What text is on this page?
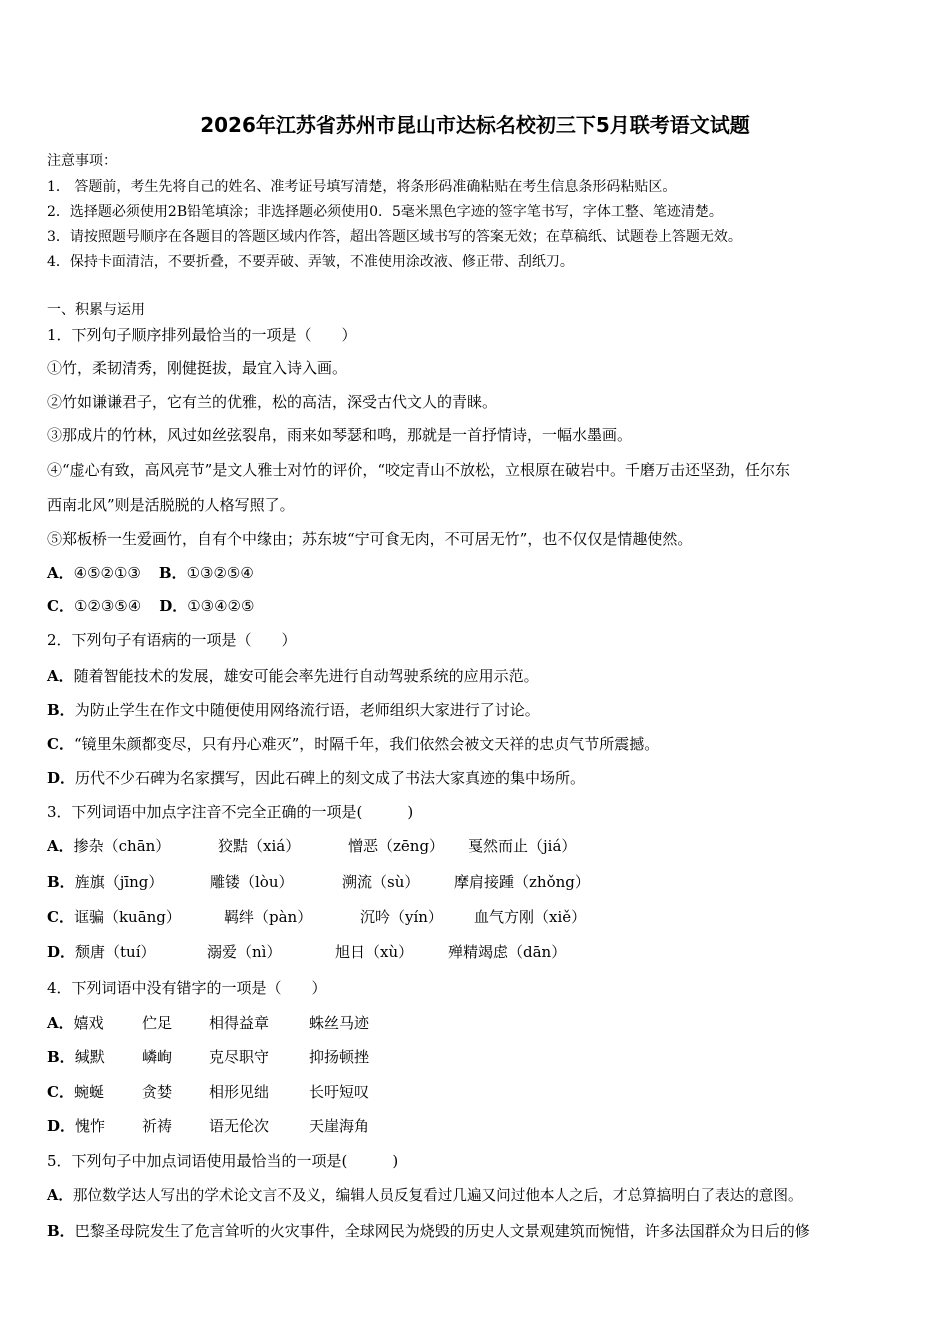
2026年江苏省苏州市昆山市达标名校初三下5月联考语文试题
注意事项：
1． 答题前，考生先将自己的姓名、准考证号填写清楚，将条形码准确粘贴在考生信息条形码粘贴区。
2．选择题必须使用2B铅笔填涂；非选择题必须使用0．5毫米黑色字迹的签字笔书写，字体工整、笔迹清楚。
3．请按照题号顺序在各题目的答题区域内作答，超出答题区域书写的答案无效；在草稿纸、试题卷上答题无效。
4．保持卡面清洁，不要折叠，不要弄破、弄皱，不准使用涂改液、修正带、刮纸刀。
一、积累与运用
1．下列句子顺序排列最恰当的一项是（　　）
①竹，柔韧清秀，刚健挺拔，最宜入诗入画。
②竹如谦谦君子，它有兰的优雅，松的高洁，深受古代文人的青睐。
③那成片的竹林，风过如丝弦裂帛，雨来如琴瑟和鸣，那就是一首抒情诗，一幅水墨画。
④“虚心有致，高风亮节”是文人雅士对竹的评价，“咬定青山不放松，立根原在破岩中。千磨万击还坚劲，任尔东
西南北风”则是活脱脱的人格写照了。
⑤郑板桥一生爱画竹，自有个中缘由；苏东坡“宁可食无肉，不可居无竹”，也不仅仅是情趣使然。
A．④⑤②①③ B．①③②⑤④
C．①②③⑤④ D．①③④②⑤
2．下列句子有语病的一项是（　　）
A．随着智能技术的发展，雄安可能会率先进行自动驾驶系统的应用示范。
B．为防止学生在作文中随便使用网络流行语，老师组织大家进行了讨论。
C．“镜里朱颜都变尽，只有丹心难灭”，时隔千年，我们依然会被文天祥的忠贞气节所震撼。
D．历代不少石碑为名家撰写，因此石碑上的刻文成了书法大家真迹的集中场所。
3．下列词语中加点字注音不完全正确的一项是(　　　)
A．掺杂（chān）	狡黠（xiá）	憎恶（zēng） 戛然而止（jiá）
B．旌旗（jīng）	雕镂（lòu）	溯流（sù） 摩肩接踵（zhǒng）
C．诓骗（kuāng）	羁绊（pàn）	沉吟（yín） 血气方刚（xiě）
D．颓唐（tuí）	溺爱（nì）	旭日（xù） 殚精竭虑（dān）
4．下列词语中没有错字的一项是（　　）
A．嬉戏	伫足 相得益章	蛛丝马迹
B．缄默 嶙峋 克尽职守	抑扬顿挫
C．蜿蜒	贪婪 相形见绌	长吁短叹
D．愧怍 祈祷 语无伦次	天崖海角
5．下列句子中加点词语使用最恰当的一项是(　　　)
A．那位数学达人写出的学术论文言不及义，编辑人员反复看过几遍又问过他本人之后，才总算搞明白了表达的意图。
B．巴黎圣母院发生了危言耸听的火灾事件，全球网民为烧毁的历史人文景观建筑而惋惜，许多法国群众为日后的修
